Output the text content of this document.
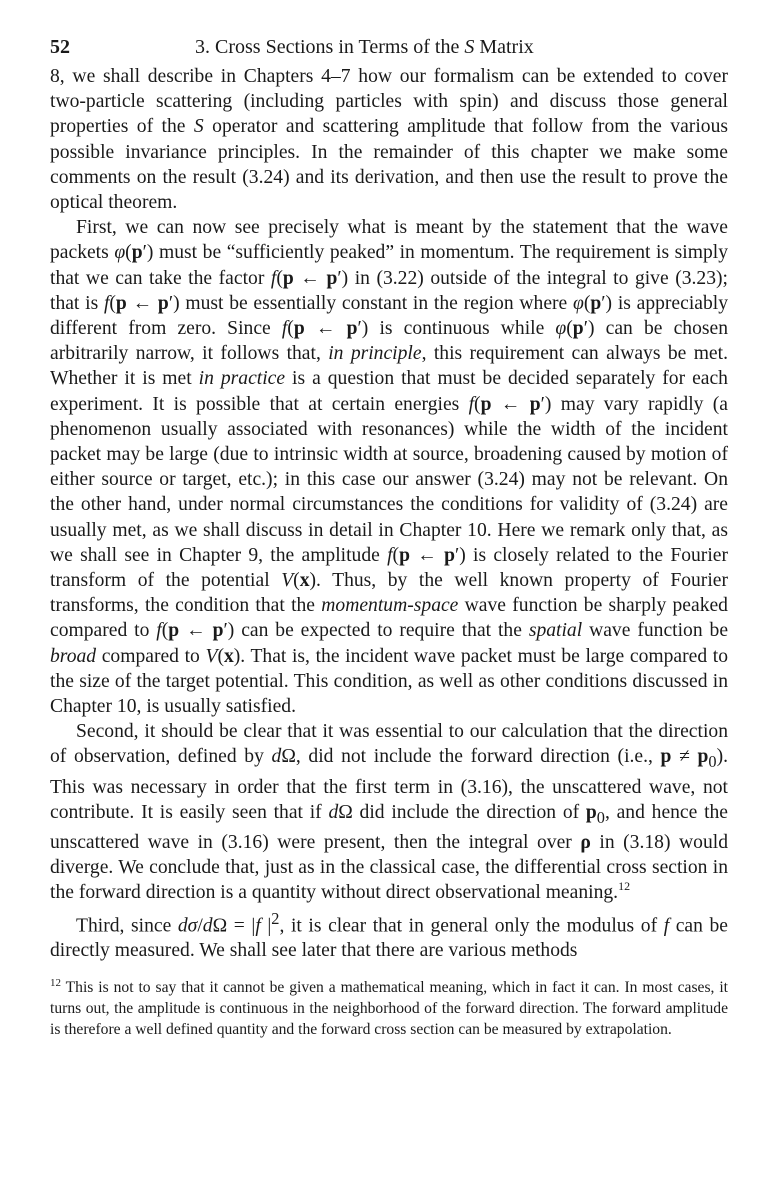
52	3. Cross Sections in Terms of the S Matrix

8, we shall describe in Chapters 4–7 how our formalism can be extended to cover two-particle scattering (including particles with spin) and discuss those general properties of the S operator and scattering amplitude that follow from the various possible invariance principles. In the remainder of this chapter we make some comments on the result (3.24) and its derivation, and then use the result to prove the optical theorem.

First, we can now see precisely what is meant by the statement that the wave packets φ(p′) must be “sufficiently peaked” in momentum. The requirement is simply that we can take the factor f(p ← p′) in (3.22) outside of the integral to give (3.23); that is f(p ← p′) must be essentially constant in the region where φ(p′) is appreciably different from zero. Since f(p ← p′) is continuous while φ(p′) can be chosen arbitrarily narrow, it follows that, in principle, this requirement can always be met. Whether it is met in practice is a question that must be decided separately for each experiment. It is possible that at certain energies f(p ← p′) may vary rapidly (a phenomenon usually associated with resonances) while the width of the incident packet may be large (due to intrinsic width at source, broadening caused by motion of either source or target, etc.); in this case our answer (3.24) may not be relevant. On the other hand, under normal circumstances the conditions for validity of (3.24) are usually met, as we shall discuss in detail in Chapter 10. Here we remark only that, as we shall see in Chapter 9, the amplitude f(p ← p′) is closely related to the Fourier transform of the potential V(x). Thus, by the well known property of Fourier transforms, the condition that the momentum-space wave function be sharply peaked compared to f(p ← p′) can be expected to require that the spatial wave function be broad compared to V(x). That is, the incident wave packet must be large compared to the size of the target potential. This condition, as well as other conditions discussed in Chapter 10, is usually satisfied.

Second, it should be clear that it was essential to our calculation that the direction of observation, defined by dΩ, did not include the forward direction (i.e., $p \ne p_0$). This was necessary in order that the first term in (3.16), the unscattered wave, not contribute. It is easily seen that if dΩ did include the direction of $p_0$, and hence the unscattered wave in (3.16) were present, then the integral over ρ in (3.18) would diverge. We conclude that, just as in the classical case, the differential cross section in the forward direction is a quantity without direct observational meaning.$^{12}$

Third, since dσ/dΩ = |f $|^2$, it is clear that in general only the modulus of f can be directly measured. We shall see later that there are various methods

$^{12}$ This is not to say that it cannot be given a mathematical meaning, which in fact it can. In most cases, it turns out, the amplitude is continuous in the neighborhood of the forward direction. The forward amplitude is therefore a well defined quantity and the forward cross section can be measured by extrapolation.
